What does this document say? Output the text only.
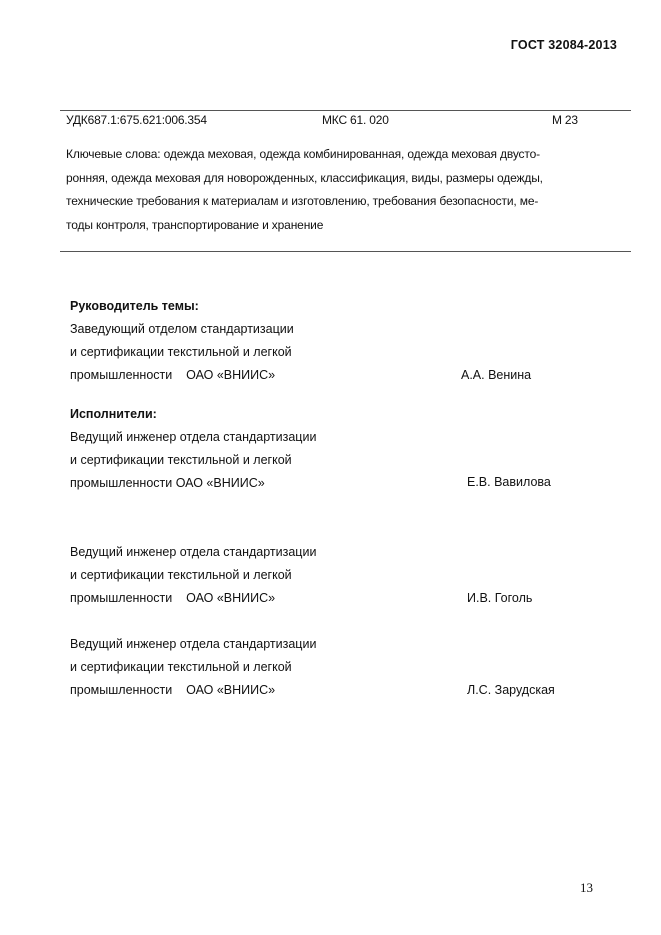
ГОСТ 32084-2013
УДК687.1:675.621:006.354	МКС 61. 020	М 23
Ключевые слова: одежда меховая, одежда комбинированная, одежда меховая двусто-
ронняя, одежда меховая для новорожденных, классификация, виды, размеры одежды,
технические требования к материалам и изготовлению, требования безопасности, ме-
тоды контроля, транспортирование и хранение
Руководитель темы:
Заведующий отделом стандартизации
и сертификации текстильной и легкой
промышленности    ОАО «ВНИИС»	А.А. Венина
Исполнители:
Ведущий инженер отдела стандартизации
и сертификации текстильной и легкой
промышленности ОАО «ВНИИС»	Е.В. Вавилова
Ведущий инженер отдела стандартизации
и сертификации текстильной и легкой
промышленности    ОАО «ВНИИС»	И.В. Гоголь
Ведущий инженер отдела стандартизации
и сертификации текстильной и легкой
промышленности    ОАО «ВНИИС»	Л.С. Зарудская
13
